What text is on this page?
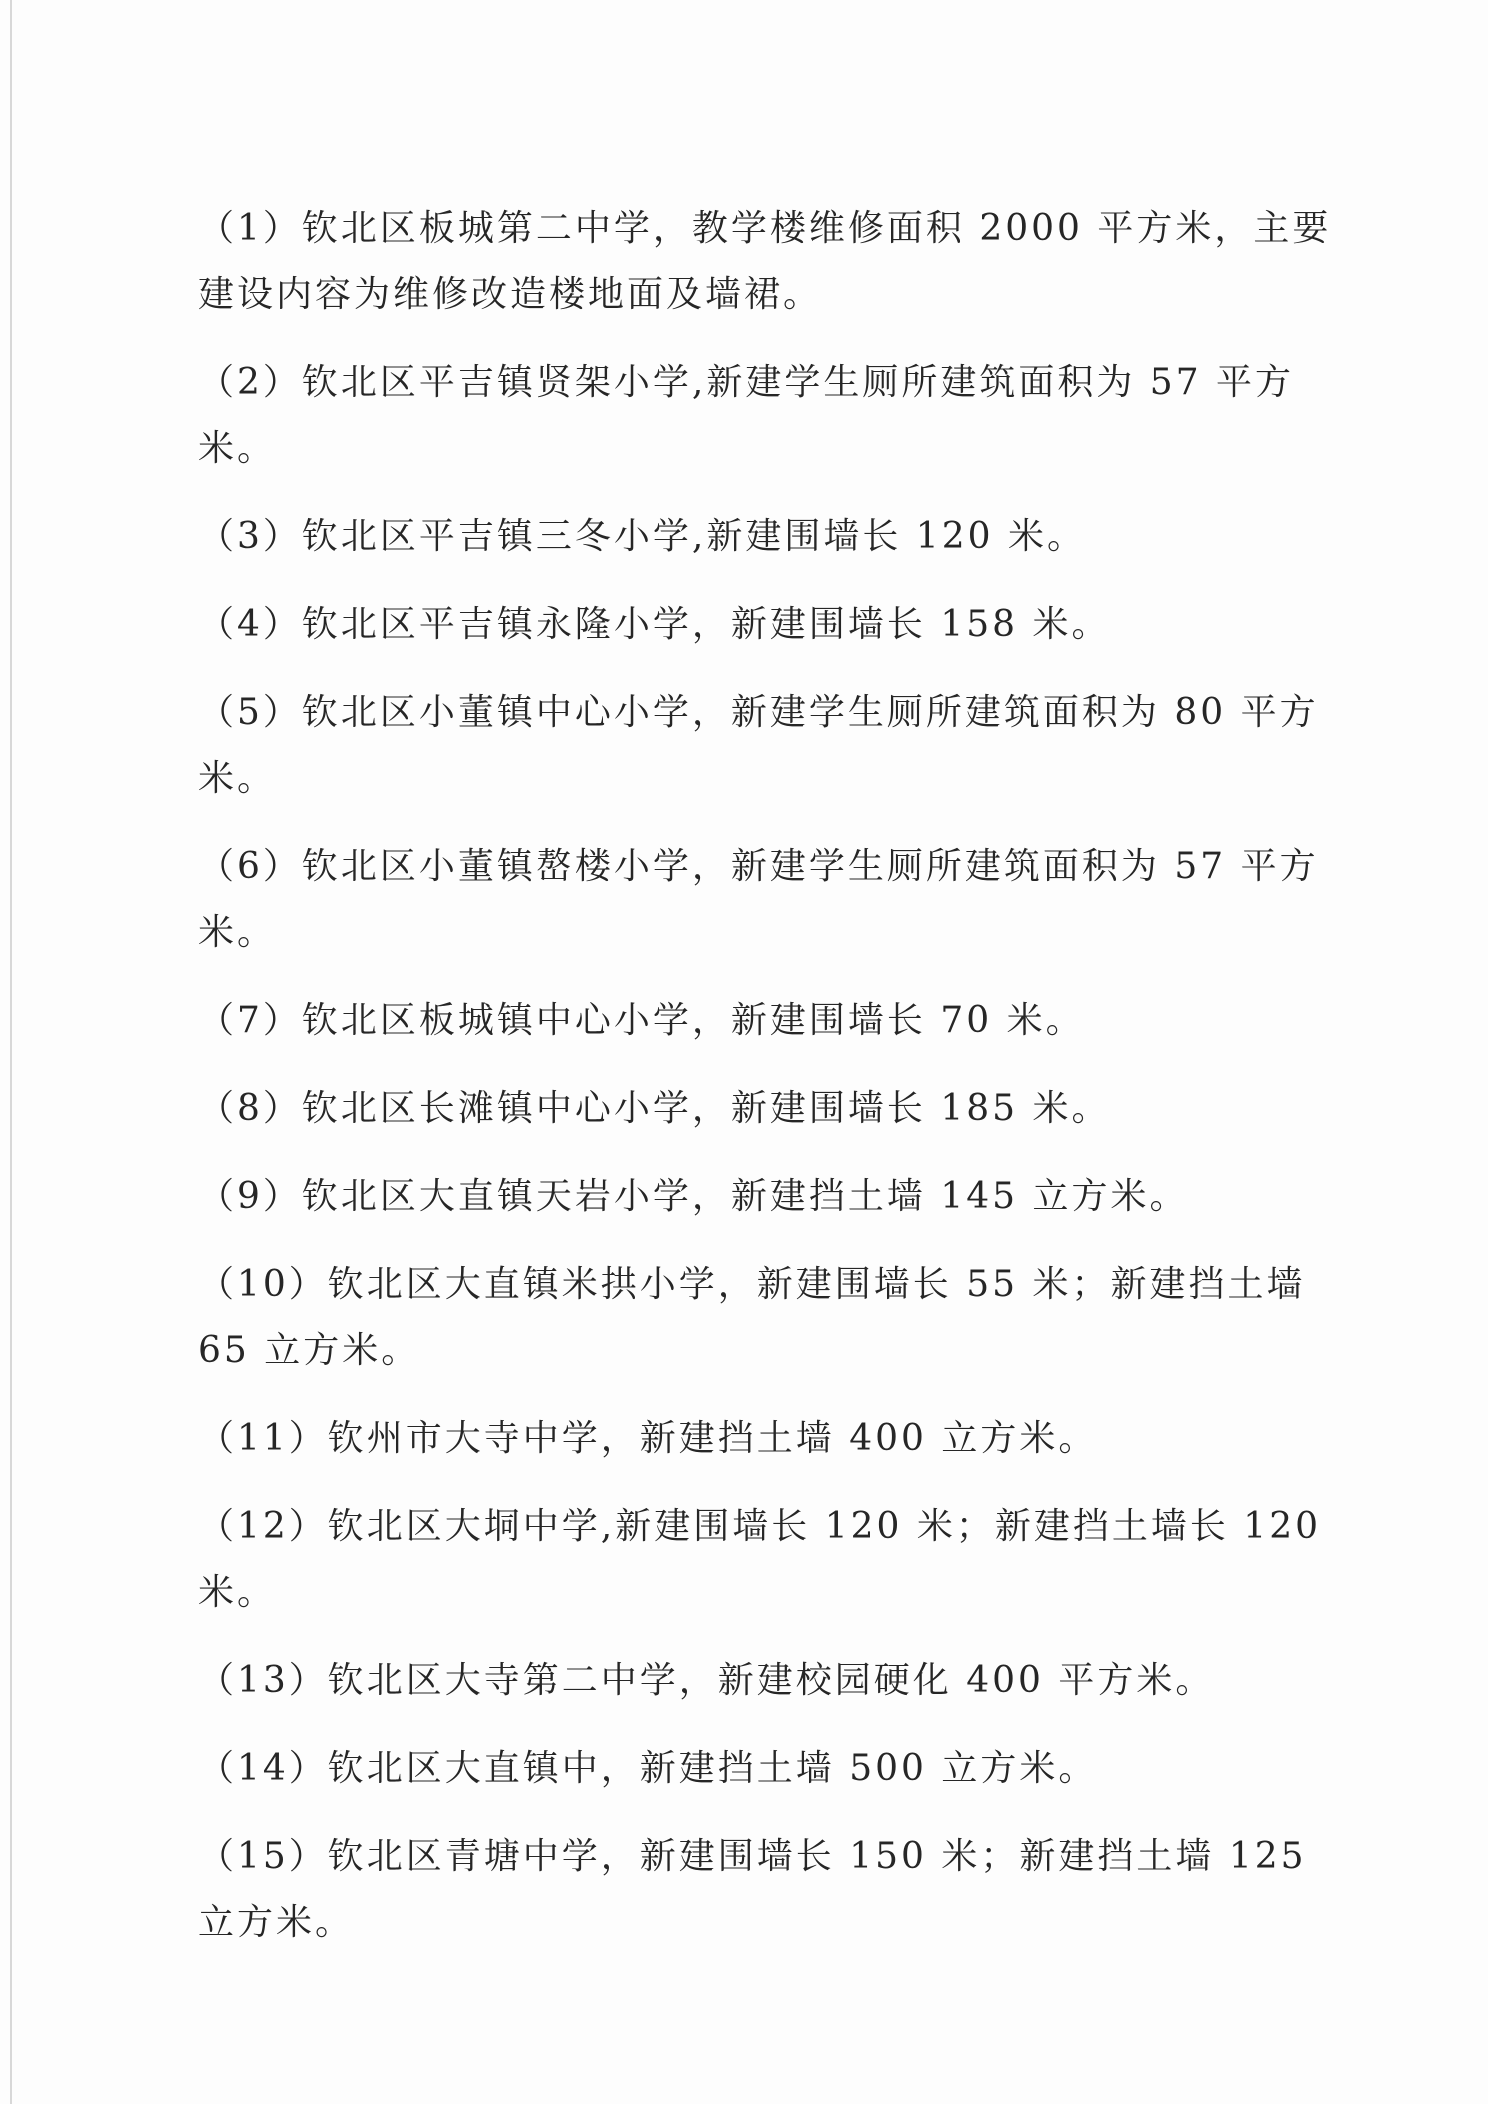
（1）钦北区板城第二中学，教学楼维修面积 2000 平方米，主要建设内容为维修改造楼地面及墙裙。

（2）钦北区平吉镇贤架小学,新建学生厕所建筑面积为 57 平方米。

（3）钦北区平吉镇三冬小学,新建围墙长 120 米。

（4）钦北区平吉镇永隆小学，新建围墙长 158 米。

（5）钦北区小董镇中心小学，新建学生厕所建筑面积为 80 平方米。

（6）钦北区小董镇嶅楼小学，新建学生厕所建筑面积为 57 平方米。

（7）钦北区板城镇中心小学，新建围墙长 70 米。

（8）钦北区长滩镇中心小学，新建围墙长 185 米。

（9）钦北区大直镇天岩小学，新建挡土墙 145 立方米。

（10）钦北区大直镇米拱小学，新建围墙长 55 米；新建挡土墙 65 立方米。

（11）钦州市大寺中学，新建挡土墙 400 立方米。

（12）钦北区大垌中学,新建围墙长 120 米；新建挡土墙长 120 米。

（13）钦北区大寺第二中学，新建校园硬化 400 平方米。

（14）钦北区大直镇中，新建挡土墙 500 立方米。

（15）钦北区青塘中学，新建围墙长 150 米；新建挡土墙 125 立方米。
